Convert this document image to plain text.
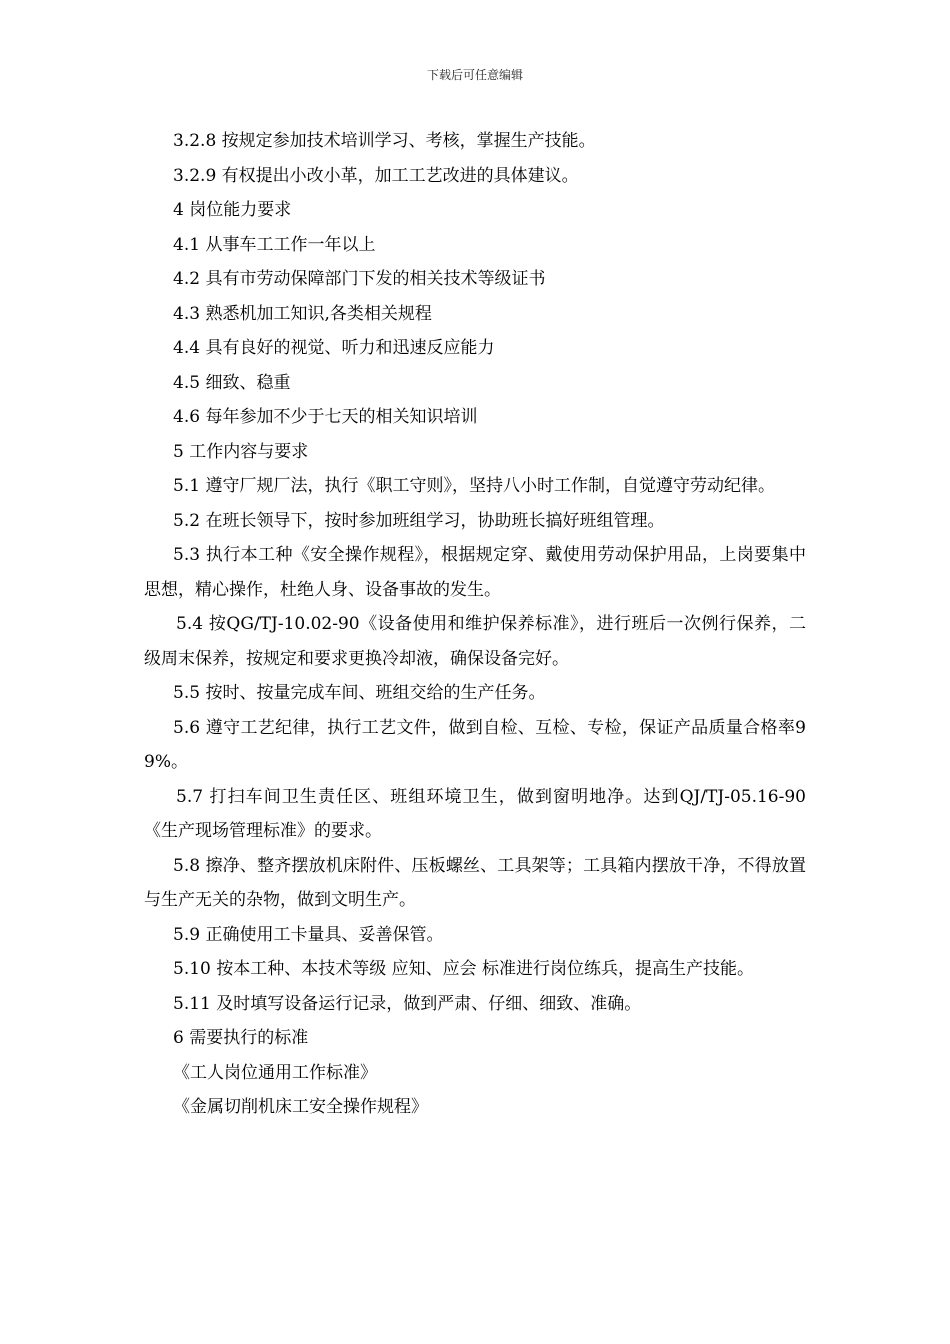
下载后可任意编辑

3.2.8 按规定参加技术培训学习、考核，掌握生产技能。

3.2.9 有权提出小改小革，加工工艺改进的具体建议。

4 岗位能力要求

4.1 从事车工工作一年以上

4.2 具有市劳动保障部门下发的相关技术等级证书

4.3 熟悉机加工知识,各类相关规程

4.4 具有良好的视觉、听力和迅速反应能力

4.5 细致、稳重

4.6 每年参加不少于七天的相关知识培训

5 工作内容与要求

5.1 遵守厂规厂法，执行《职工守则》，坚持八小时工作制，自觉遵守劳动纪律。

5.2 在班长领导下，按时参加班组学习，协助班长搞好班组管理。

5.3 执行本工种《安全操作规程》，根据规定穿、戴使用劳动保护用品，上岗要集中思想，精心操作，杜绝人身、设备事故的发生。

5.4 按QG/TJ-10.02-90《设备使用和维护保养标准》，进行班后一次例行保养，二级周末保养，按规定和要求更换冷却液，确保设备完好。

5.5 按时、按量完成车间、班组交给的生产任务。

5.6 遵守工艺纪律，执行工艺文件，做到自检、互检、专检，保证产品质量合格率99%。

5.7 打扫车间卫生责任区、班组环境卫生，做到窗明地净。达到QJ/TJ-05.16-90《生产现场管理标准》的要求。

5.8 擦净、整齐摆放机床附件、压板螺丝、工具架等；工具箱内摆放干净，不得放置与生产无关的杂物，做到文明生产。

5.9 正确使用工卡量具、妥善保管。

5.10 按本工种、本技术等级 应知、应会 标准进行岗位练兵，提高生产技能。

5.11 及时填写设备运行记录，做到严肃、仔细、细致、准确。

6 需要执行的标准

《工人岗位通用工作标准》

《金属切削机床工安全操作规程》
